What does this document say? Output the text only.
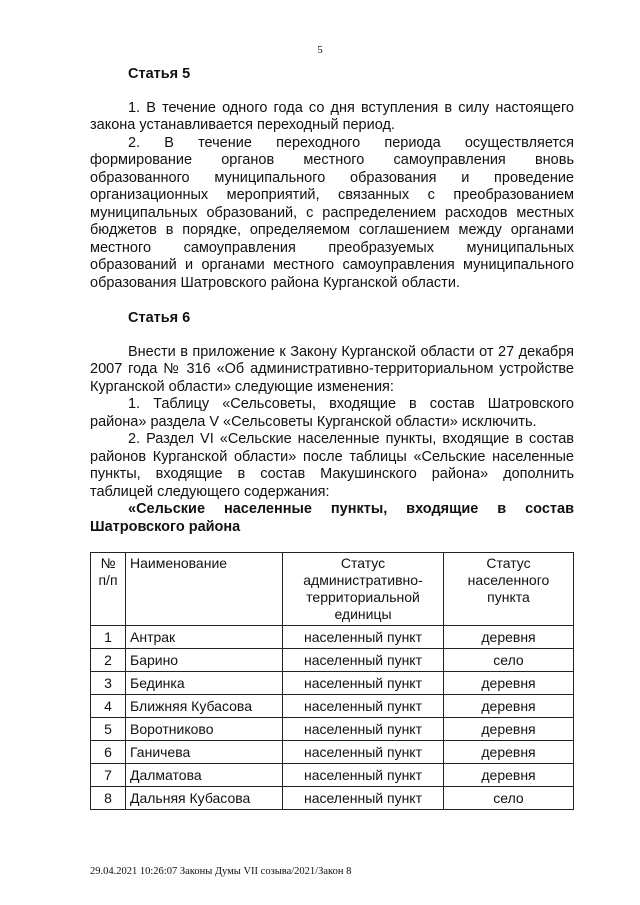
5

Статья 5

1. В течение одного года со дня вступления в силу настоящего закона устанавливается переходный период.

2. В течение переходного периода осуществляется формирование органов местного самоуправления вновь образованного муниципального образования и проведение организационных мероприятий, связанных с преобразованием муниципальных образований, с распределением расходов местных бюджетов в порядке, определяемом соглашением между органами местного самоуправления преобразуемых муниципальных образований и органами местного самоуправления муниципального образования Шатровского района Курганской области.

Статья 6

Внести в приложение к Закону Курганской области от 27 декабря 2007 года № 316 «Об административно-территориальном устройстве Курганской области» следующие изменения:

1. Таблицу «Сельсоветы, входящие в состав Шатровского района» раздела V «Сельсоветы Курганской области» исключить.

2. Раздел VI «Сельские населенные пункты, входящие в состав районов Курганской области» после таблицы «Сельские населенные пункты, входящие в состав Макушинского района» дополнить таблицей следующего содержания:

«Сельские населенные пункты, входящие в состав Шатровского района

№ п/п	Наименование	Статус административно-территориальной единицы	Статус населенного пункта
1	Антрак	населенный пункт	деревня
2	Барино	населенный пункт	село
3	Бединка	населенный пункт	деревня
4	Ближняя Кубасова	населенный пункт	деревня
5	Воротниково	населенный пункт	деревня
6	Ганичева	населенный пункт	деревня
7	Далматова	населенный пункт	деревня
8	Дальняя Кубасова	населенный пункт	село
29.04.2021 10:26:07 Законы Думы VII созыва/2021/Закон 8
